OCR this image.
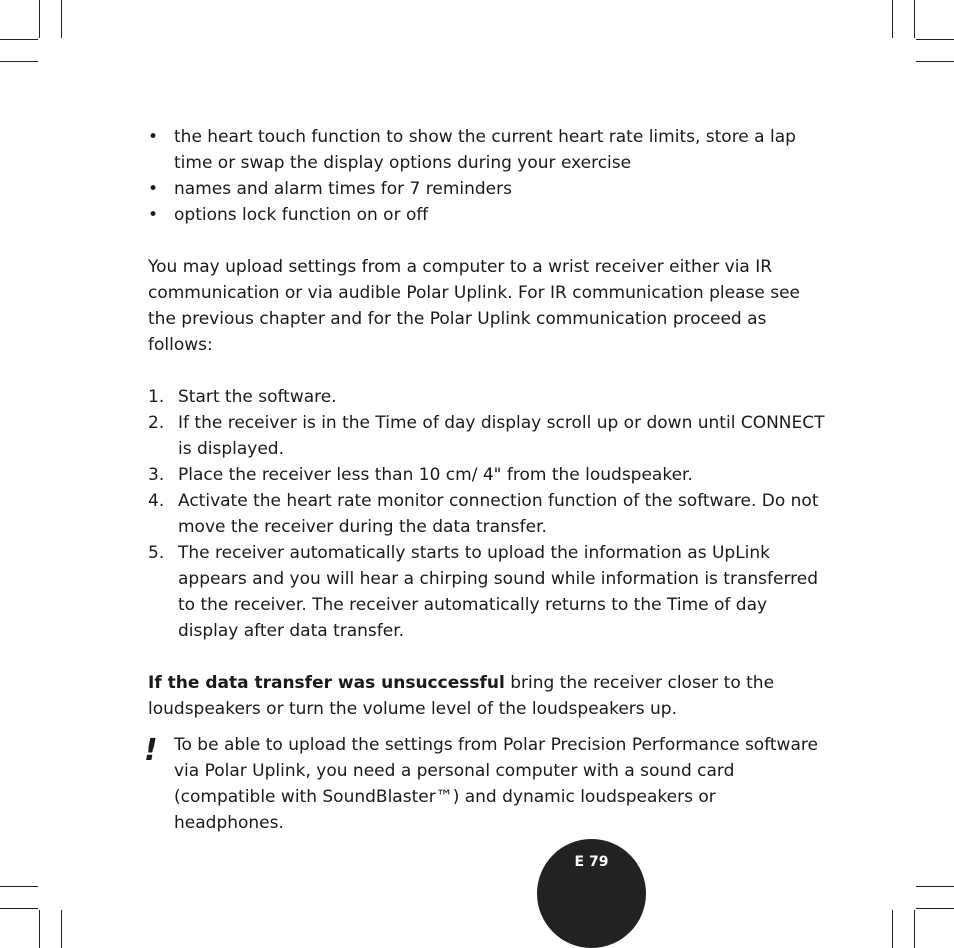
• the heart touch function to show the current heart rate limits, store a lap time or swap the display options during your exercise
• names and alarm times for 7 reminders
• options lock function on or off

You may upload settings from a computer to a wrist receiver either via IR communication or via audible Polar Uplink. For IR communication please see the previous chapter and for the Polar Uplink communication proceed as follows:

1. Start the software.
2. If the receiver is in the Time of day display scroll up or down until CONNECT is displayed.
3. Place the receiver less than 10 cm/ 4" from the loudspeaker.
4. Activate the heart rate monitor connection function of the software. Do not move the receiver during the data transfer.
5. The receiver automatically starts to upload the information as UpLink appears and you will hear a chirping sound while information is transferred to the receiver. The receiver automatically returns to the Time of day display after data transfer.

If the data transfer was unsuccessful bring the receiver closer to the loudspeakers or turn the volume level of the loudspeakers up.

! To be able to upload the settings from Polar Precision Performance software via Polar Uplink, you need a personal computer with a sound card (compatible with SoundBlaster™) and dynamic loudspeakers or headphones.
E 79
